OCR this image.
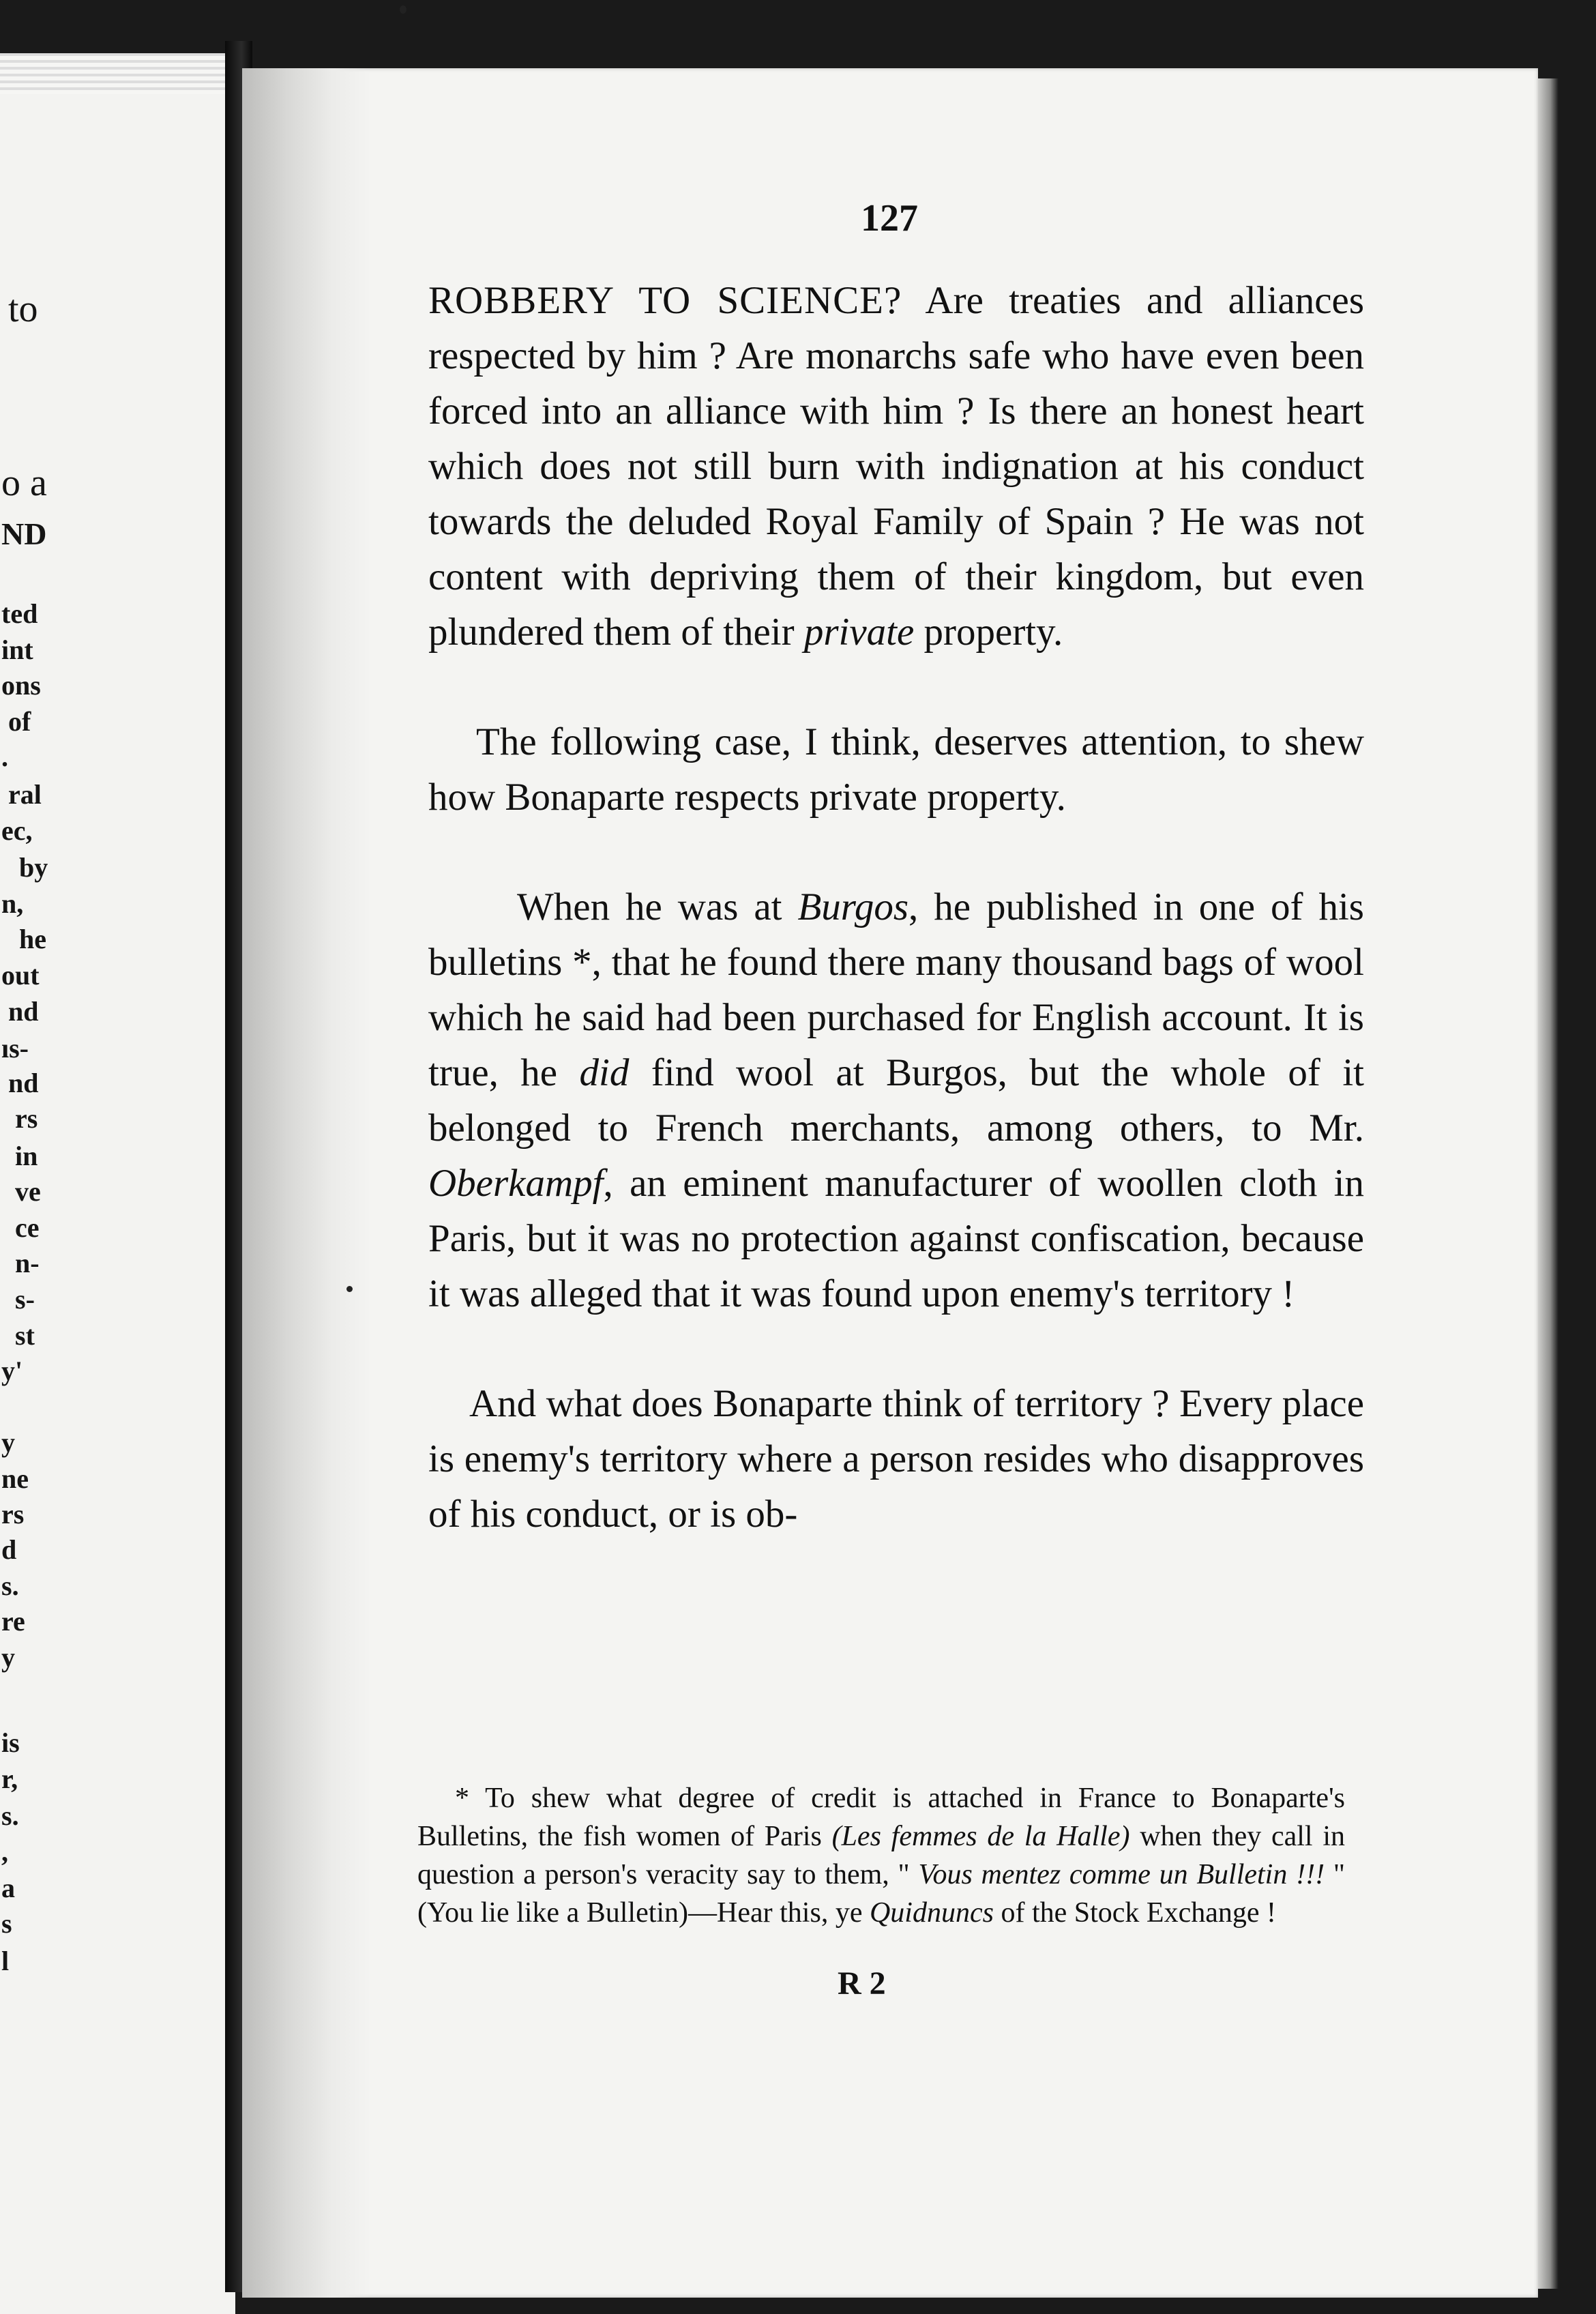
to
o a
ND
ted
int
ons
of
.
ral
ec,
by
n,
he
out
nd
ıs-
nd
rs
in
ve
ce
n-
s-
st
y'
y
ne
rs
d
s.
re
y
is
r,
s.
,
a
s
l
127

ROBBERY TO SCIENCE? Are treaties and alliances respected by him ? Are monarchs safe who have even been forced into an alliance with him ? Is there an honest heart which does not still burn with indignation at his conduct towards the deluded Royal Family of Spain ? He was not content with depriving them of their kingdom, but even plundered them of their private property.

The following case, I think, deserves attention, to shew how Bonaparte respects private property.

When he was at Burgos, he published in one of his bulletins *, that he found there many thousand bags of wool which he said had been purchased for English account. It is true, he did find wool at Burgos, but the whole of it belonged to French merchants, among others, to Mr. Oberkampf, an eminent manufacturer of woollen cloth in Paris, but it was no protection against confiscation, because it was alleged that it was found upon enemy's territory !

And what does Bonaparte think of territory ? Every place is enemy's territory where a person resides who disapproves of his conduct, or is ob-

* To shew what degree of credit is attached in France to Bonaparte's Bulletins, the fish women of Paris (Les femmes de la Halle) when they call in question a person's veracity say to them, " Vous mentez comme un Bulletin !!! " (You lie like a Bulletin)—Hear this, ye Quidnuncs of the Stock Exchange !

R 2
